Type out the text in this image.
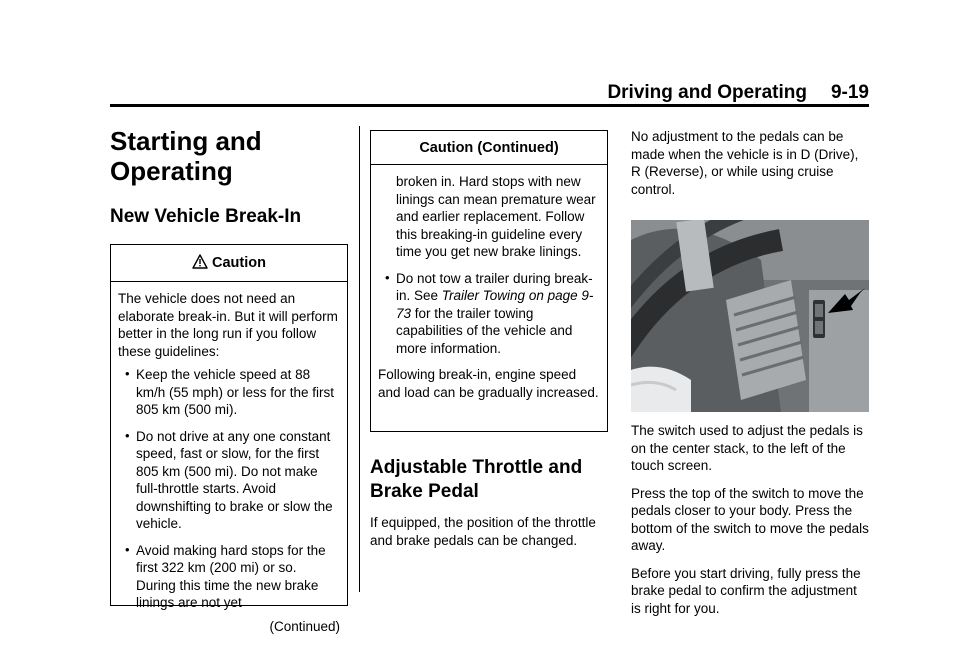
Driving and Operating 9-19
Starting and
Operating
New Vehicle Break-In
Caution

The vehicle does not need an elaborate break-in. But it will perform better in the long run if you follow these guidelines:

• Keep the vehicle speed at 88 km/h (55 mph) or less for the first 805 km (500 mi).
• Do not drive at any one constant speed, fast or slow, for the first 805 km (500 mi). Do not make full-throttle starts. Avoid downshifting to brake or slow the vehicle.
• Avoid making hard stops for the first 322 km (200 mi) or so. During this time the new brake linings are not yet
(Continued)
Caution (Continued)
broken in. Hard stops with new linings can mean premature wear and earlier replacement. Follow this breaking-in guideline every time you get new brake linings.
• Do not tow a trailer during break-in. See Trailer Towing on page 9-73 for the trailer towing capabilities of the vehicle and more information.

Following break-in, engine speed and load can be gradually increased.

Adjustable Throttle and
Brake Pedal

If equipped, the position of the throttle and brake pedals can be changed.

No adjustment to the pedals can be made when the vehicle is in D (Drive), R (Reverse), or while using cruise control.

The switch used to adjust the pedals is on the center stack, to the left of the touch screen.

Press the top of the switch to move the pedals closer to your body. Press the bottom of the switch to move the pedals away.

Before you start driving, fully press the brake pedal to confirm the adjustment is right for you.
